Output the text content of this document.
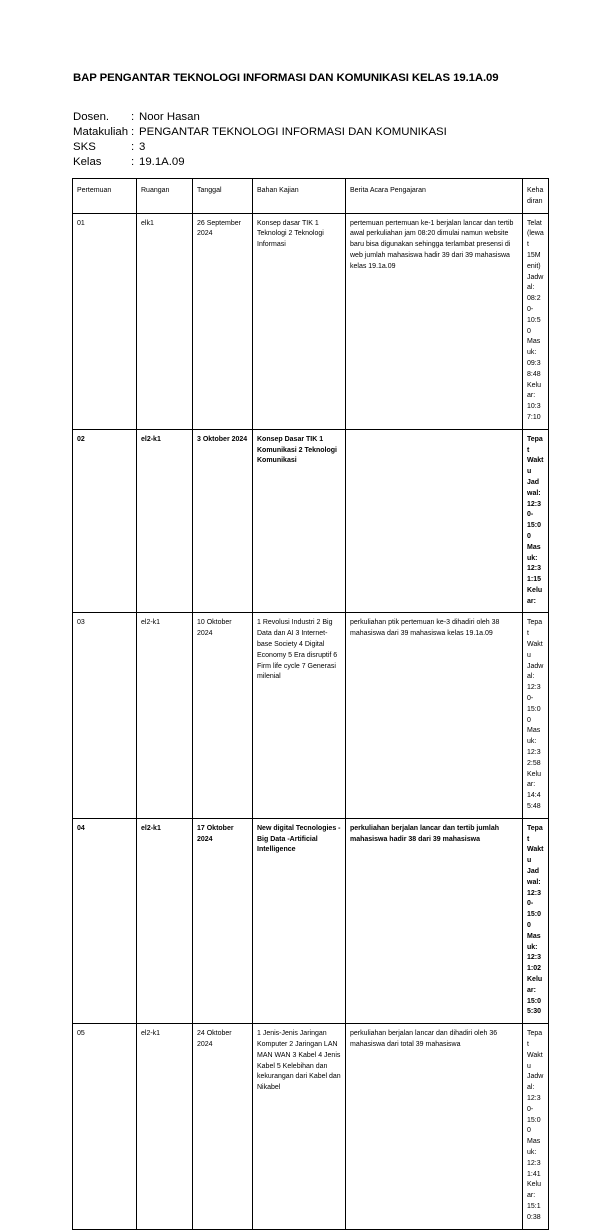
BAP PENGANTAR TEKNOLOGI INFORMASI DAN KOMUNIKASI KELAS 19.1A.09
Dosen.	: Noor Hasan
Matakuliah : PENGANTAR TEKNOLOGI INFORMASI DAN KOMUNIKASI
SKS	: 3
Kelas	: 19.1A.09
Pertemuan	Ruangan	Tanggal	Bahan Kajian	Berita Acara Pengajaran	Kehadiran
01	elk1	26 September 2024	Konsep dasar TIK 1 Teknologi 2 Teknologi Informasi	pertemuan pertemuan ke-1 berjalan lancar dan tertib awal perkuliahan jam 08:20 dimulai namun website baru bisa digunakan sehingga terlambat presensi di web jumlah mahasiswa hadir 39 dari 39 mahasiswa kelas 19.1a.09	Telat (lewat 15Menit) Jadwal: 08:20-10:50 Masuk: 09:38:48 Keluar: 10:37:10
02	el2-k1	3 Oktober 2024	Konsep Dasar TIK 1 Komunikasi 2 Teknologi Komunikasi		Tepat Waktu Jadwal: 12:30-15:00 Masuk: 12:31:15 Keluar:
03	el2-k1	10 Oktober 2024	1 Revolusi Industri 2 Big Data dan AI 3 Internet-base Society 4 Digital Economy 5 Era disruptif 6 Firm life cycle 7 Generasi milenial	perkuliahan ptik pertemuan ke-3 dihadiri oleh 38 mahasiswa dari 39 mahasiswa kelas 19.1a.09	Tepat Waktu Jadwal: 12:30-15:00 Masuk: 12:32:58 Keluar: 14:45:48
04	el2-k1	17 Oktober 2024	New digital Tecnologies -Big Data -Artificial Intelligence	perkuliahan berjalan lancar dan tertib jumlah mahasiswa hadir 38 dari 39 mahasiswa	Tepat Waktu Jadwal: 12:30-15:00 Masuk: 12:31:02 Keluar: 15:05:30
05	el2-k1	24 Oktober 2024	1 Jenis-Jenis Jaringan Komputer 2 Jaringan LAN MAN WAN 3 Kabel 4 Jenis Kabel 5 Kelebihan dan kekurangan dari Kabel dan Nikabel	perkuliahan berjalan lancar dan dihadiri oleh 36 mahasiswa dari total 39 mahasiswa	Tepat Waktu Jadwal: 12:30-15:00 Masuk: 12:31:41 Keluar: 15:10:38
